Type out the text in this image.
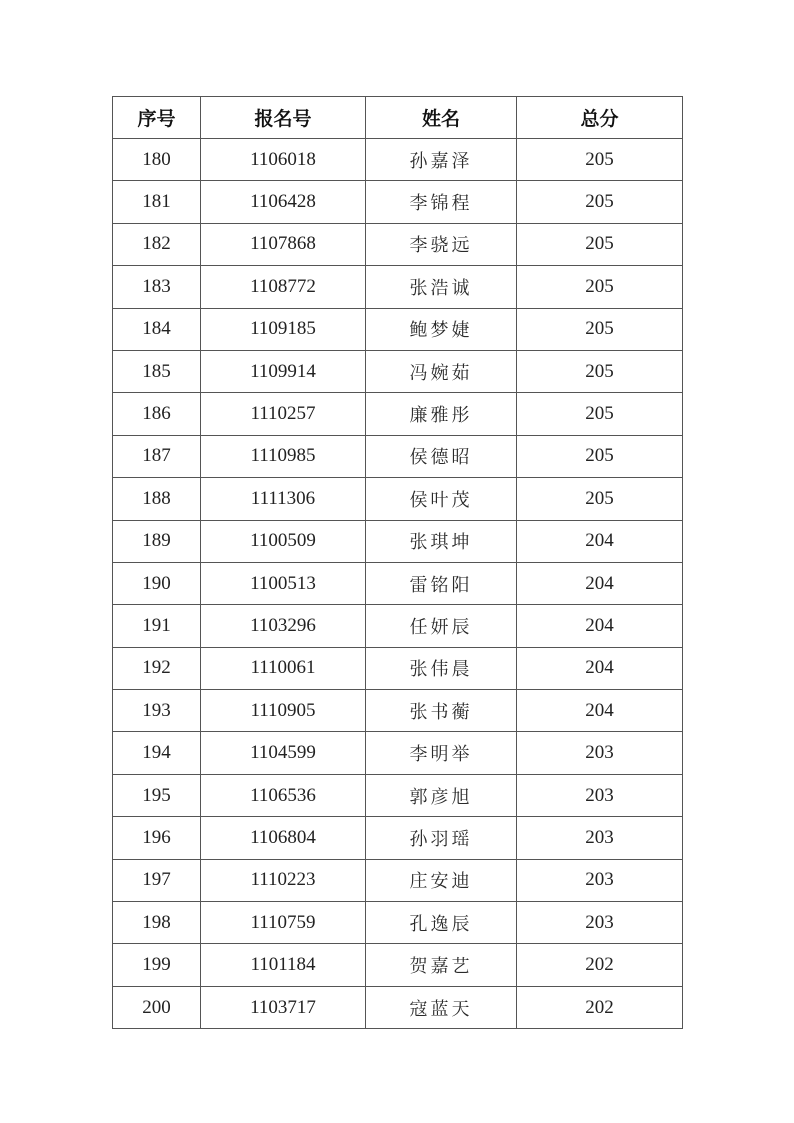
序号	报名号	姓名	总分
180	1106018	孙嘉泽	205
181	1106428	李锦程	205
182	1107868	李骁远	205
183	1108772	张浩诚	205
184	1109185	鲍梦婕	205
185	1109914	冯婉茹	205
186	1110257	廉雅彤	205
187	1110985	侯德昭	205
188	1111306	侯叶茂	205
189	1100509	张琪坤	204
190	1100513	雷铭阳	204
191	1103296	任妍辰	204
192	1110061	张伟晨	204
193	1110905	张书蘅	204
194	1104599	李明举	203
195	1106536	郭彦旭	203
196	1106804	孙羽瑶	203
197	1110223	庄安迪	203
198	1110759	孔逸辰	203
199	1101184	贺嘉艺	202
200	1103717	寇蓝天	202
